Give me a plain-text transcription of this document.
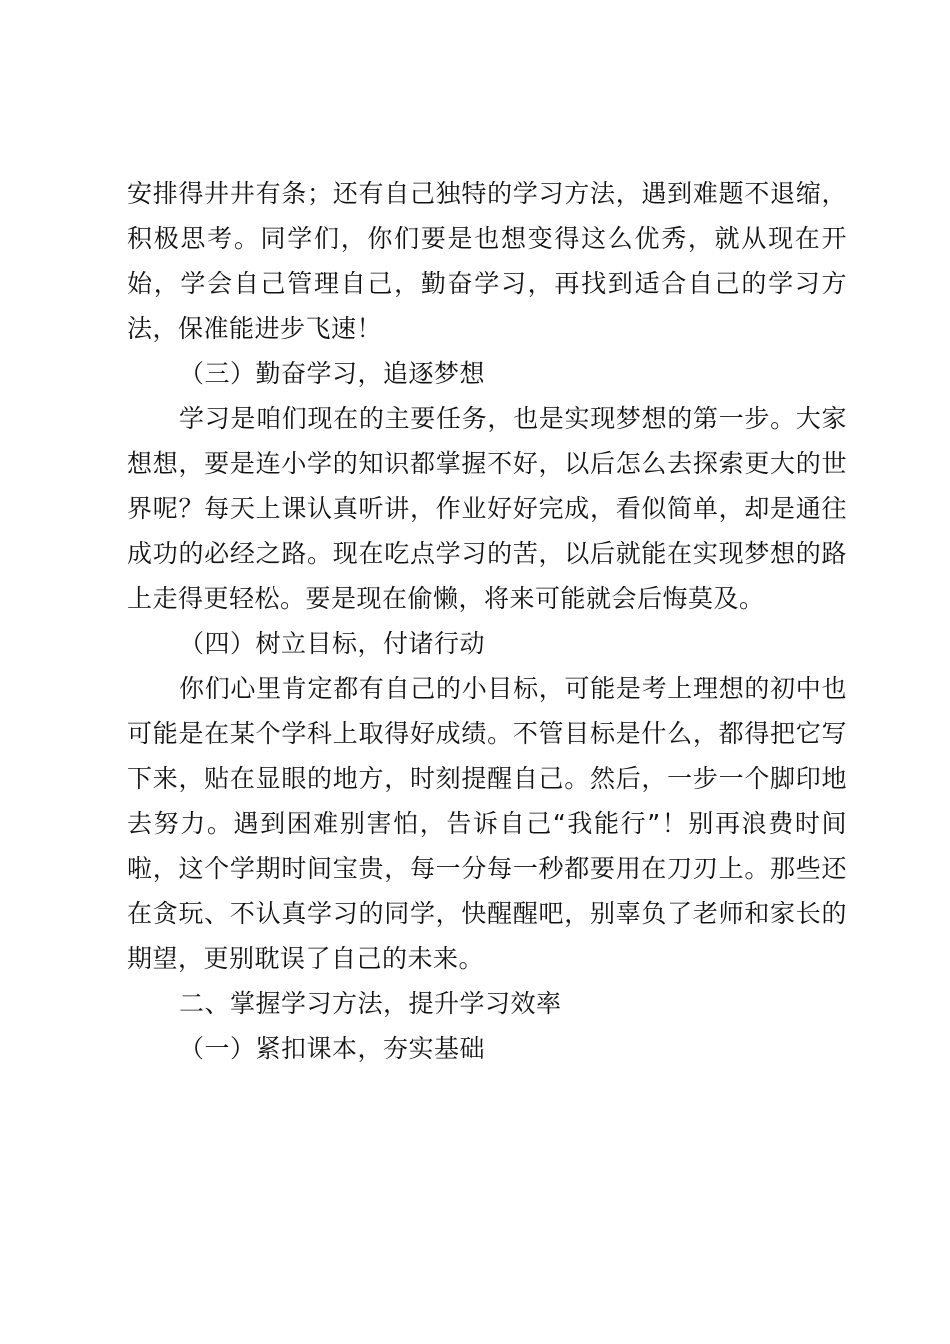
安排得井井有条；还有自己独特的学习方法，遇到难题不退缩，积极思考。同学们，你们要是也想变得这么优秀，就从现在开始，学会自己管理自己，勤奋学习，再找到适合自己的学习方法，保准能进步飞速！

（三）勤奋学习，追逐梦想

学习是咱们现在的主要任务，也是实现梦想的第一步。大家想想，要是连小学的知识都掌握不好，以后怎么去探索更大的世界呢？每天上课认真听讲，作业好好完成，看似简单，却是通往成功的必经之路。现在吃点学习的苦，以后就能在实现梦想的路上走得更轻松。要是现在偷懒，将来可能就会后悔莫及。

（四）树立目标，付诸行动

你们心里肯定都有自己的小目标，可能是考上理想的初中也可能是在某个学科上取得好成绩。不管目标是什么，都得把它写下来，贴在显眼的地方，时刻提醒自己。然后，一步一个脚印地去努力。遇到困难别害怕，告诉自己“我能行”！别再浪费时间啦，这个学期时间宝贵，每一分每一秒都要用在刀刃上。那些还在贪玩、不认真学习的同学，快醒醒吧，别辜负了老师和家长的期望，更别耽误了自己的未来。

二、掌握学习方法，提升学习效率

（一）紧扣课本，夯实基础
